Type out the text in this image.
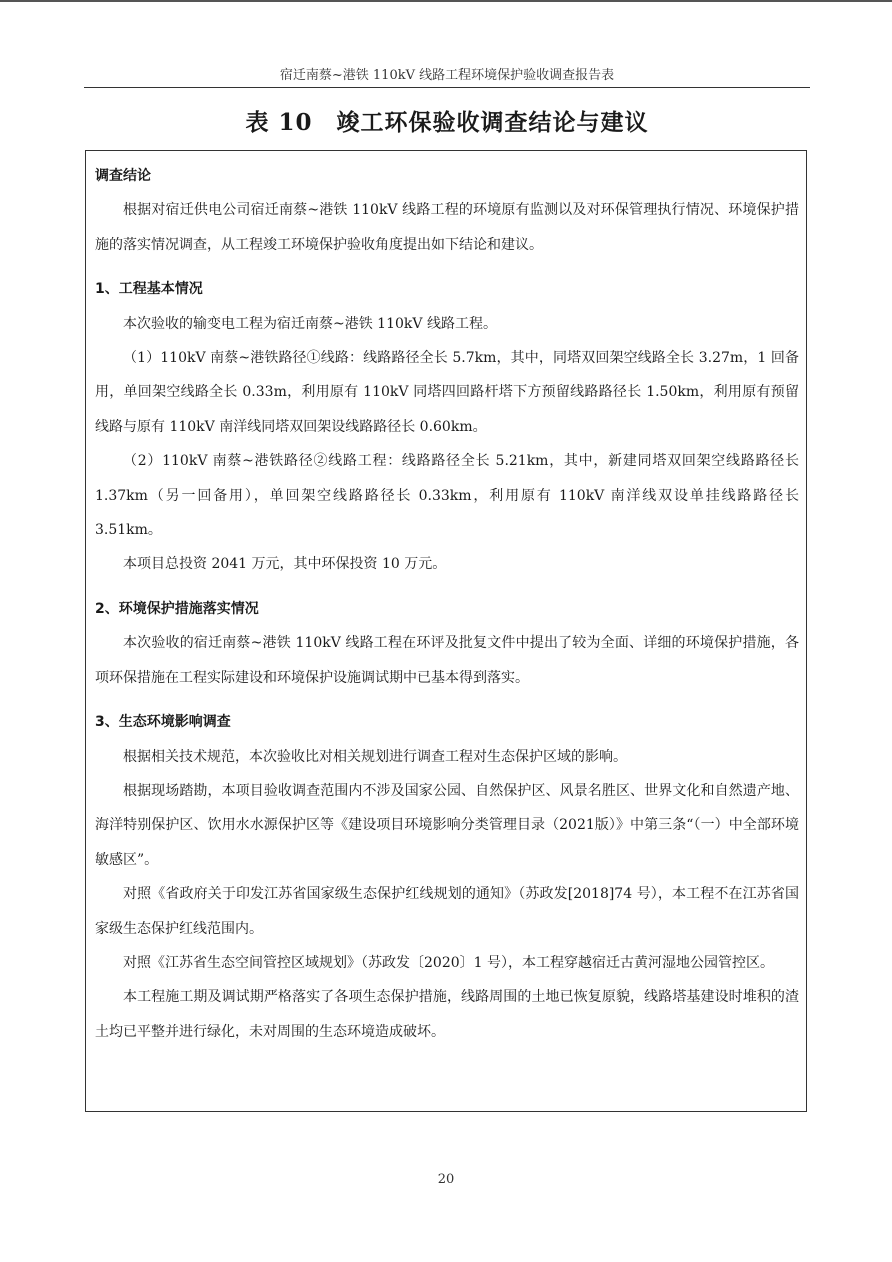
宿迁南蔡~港铁 110kV 线路工程环境保护验收调查报告表
表 10　竣工环保验收调查结论与建议

调查结论

根据对宿迁供电公司宿迁南蔡~港铁 110kV 线路工程的环境原有监测以及对环保管理执行情况、环境保护措施的落实情况调查，从工程竣工环境保护验收角度提出如下结论和建议。

1、工程基本情况

本次验收的输变电工程为宿迁南蔡~港铁 110kV 线路工程。

（1）110kV 南蔡~港铁路径①线路：线路路径全长 5.7km，其中，同塔双回架空线路全长 3.27m，1 回备用，单回架空线路全长 0.33m，利用原有 110kV 同塔四回路杆塔下方预留线路路径长 1.50km，利用原有预留线路与原有 110kV 南洋线同塔双回架设线路路径长 0.60km。

（2）110kV 南蔡~港铁路径②线路工程：线路路径全长 5.21km，其中，新建同塔双回架空线路路径长 1.37km（另一回备用），单回架空线路路径长 0.33km，利用原有 110kV 南洋线双设单挂线路路径长 3.51km。

本项目总投资 2041 万元，其中环保投资 10 万元。

2、环境保护措施落实情况

本次验收的宿迁南蔡~港铁 110kV 线路工程在环评及批复文件中提出了较为全面、详细的环境保护措施，各项环保措施在工程实际建设和环境保护设施调试期中已基本得到落实。

3、生态环境影响调查

根据相关技术规范，本次验收比对相关规划进行调查工程对生态保护区域的影响。

根据现场踏勘，本项目验收调查范围内不涉及国家公园、自然保护区、风景名胜区、世界文化和自然遗产地、海洋特别保护区、饮用水水源保护区等《建设项目环境影响分类管理目录（2021版）》中第三条“（一）中全部环境敏感区”。

对照《省政府关于印发江苏省国家级生态保护红线规划的通知》（苏政发[2018]74 号），本工程不在江苏省国家级生态保护红线范围内。

对照《江苏省生态空间管控区域规划》（苏政发〔2020〕1 号），本工程穿越宿迁古黄河湿地公园管控区。

本工程施工期及调试期严格落实了各项生态保护措施，线路周围的土地已恢复原貌，线路塔基建设时堆积的渣土均已平整并进行绿化，未对周围的生态环境造成破坏。

20
